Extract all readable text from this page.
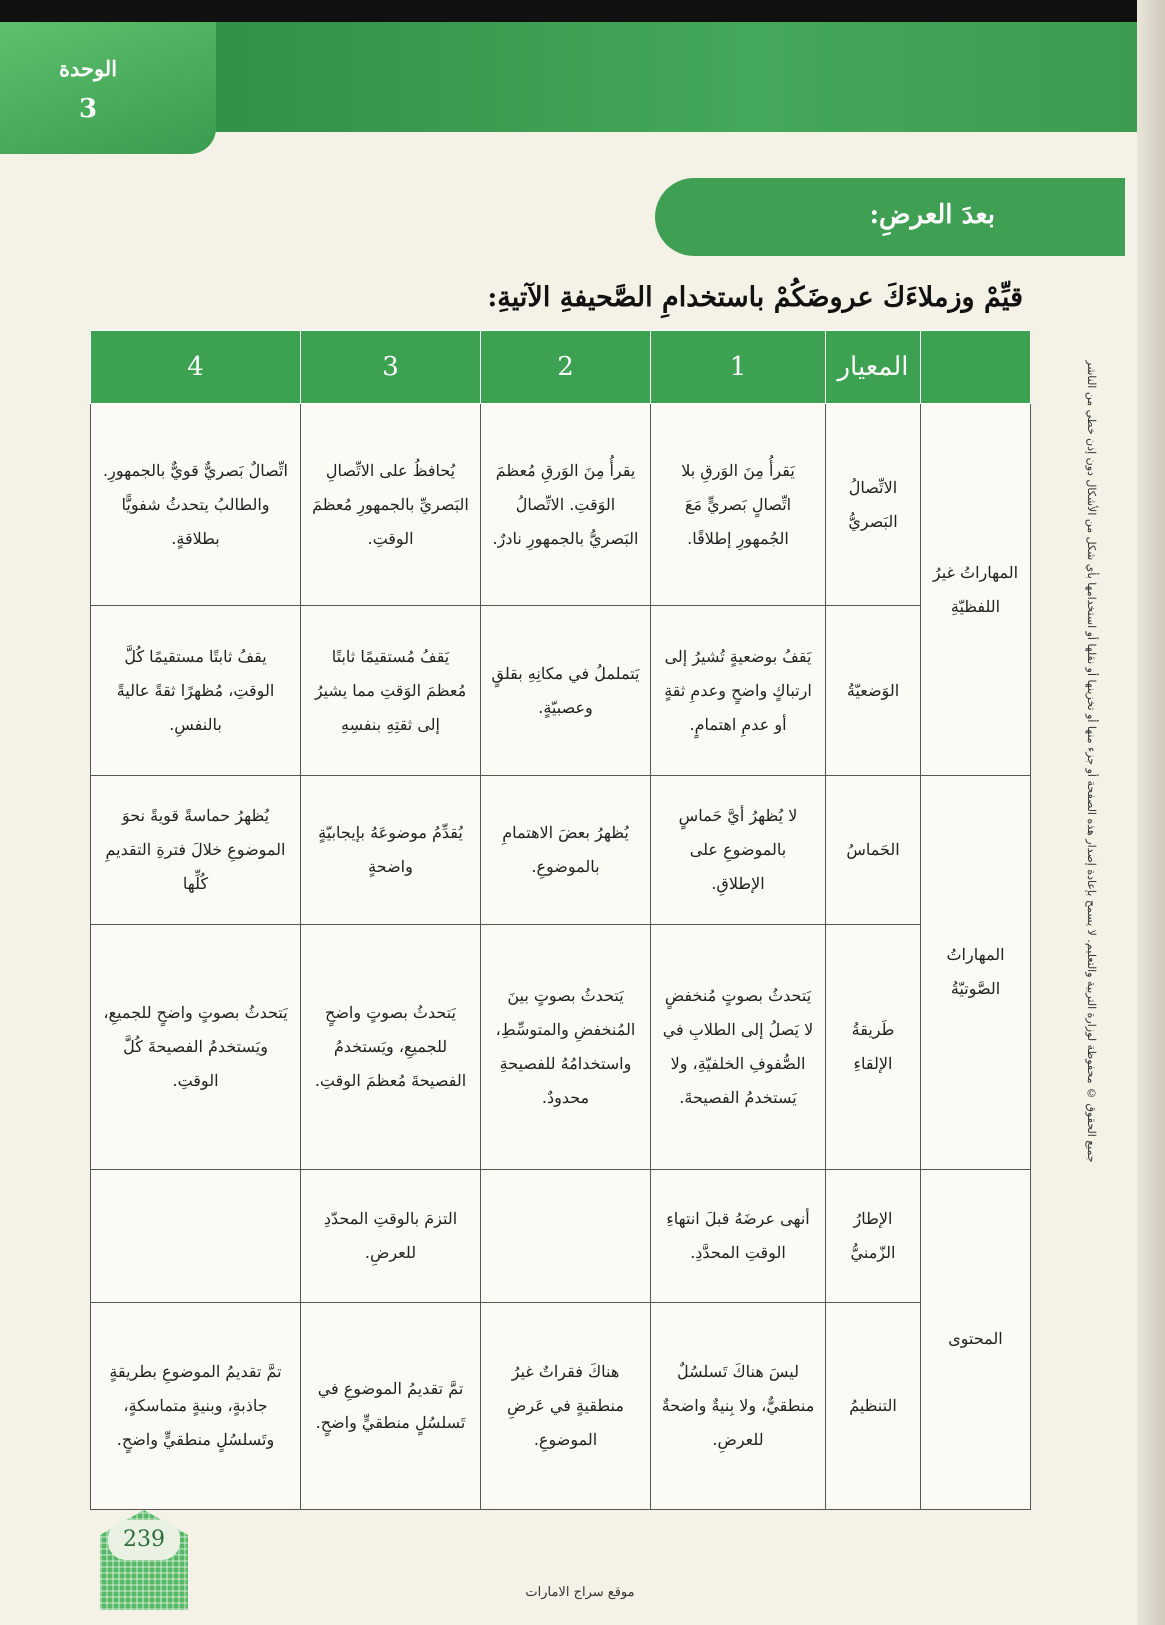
الوحدة
3
بعدَ العرضِ:
قيِّمْ وزملاءَكَ عروضَكُمْ باستخدامِ الصَّحيفةِ الآتيةِ:
جميع الحقوق © محفوظة لوزارة التربية والتعليم. لا يسمح بإعادة إصدار هذه الصفحة أو جزء منها أو تخزينها أو نقلها أو استخدامها بأي شكل من الأشكال دون إذن خطي من الناشر
	المعيار	1	2	3	4
المهاراتُ غيرُ اللفظيّةِ	الاتِّصالُ البَصريُّ	يَقرأُ مِنَ الوَرقِ بلا اتِّصالٍ بَصريٍّ مَعَ الجُمهورِ إطلاقًا.	يقرأُ مِنَ الوَرقِ مُعظمَ الوَقتِ. الاتِّصالُ البَصريُّ بالجمهورِ نادرٌ.	يُحافظُ على الاتِّصالِ البَصريِّ بالجمهورِ مُعظمَ الوقتِ.	اتِّصالٌ بَصريٌّ قويٌّ بالجمهورِ. والطالبُ يتحدثُ شفويًّا بطلاقةٍ.
	الوَضعيّةُ	يَقفُ بوضعيةٍ تُشيرُ إلى ارتباكٍ واضحٍ وعدمِ ثقةٍ أو عدمِ اهتمامٍ.	يَتململُ في مكانِهِ بقلقٍ وعصبيّةٍ.	يَقفُ مُستقيمًا ثابتًا مُعظمَ الوَقتِ مما يشيرُ إلى ثقتِهِ بنفسِهِ	يقفُ ثابتًا مستقيمًا كُلَّ الوقتِ، مُظهرًا ثقةً عاليةً بالنفسِ.
المهاراتُ الصَّوتيّةُ	الحَماسُ	لا يُظهرُ أيَّ حَماسٍ بالموضوعِ على الإطلاقِ.	يُظهرُ بعضَ الاهتمامِ بالموضوعِ.	يُقدِّمُ موضوعَهُ بإيجابيّةٍ واضحةٍ	يُظهرُ حماسةً قويةً نحوَ الموضوعِ خلالَ فترةِ التقديمِ كُلِّها
	طَريقةُ الإلقاءِ	يَتحدثُ بصوتٍ مُنخفضٍ لا يَصلُ إلى الطلابِ في الصُّفوفِ الخلفيّةِ، ولا يَستخدمُ الفصيحةَ.	يَتحدثُ بصوتٍ بينَ المُنخفضِ والمتوسِّطِ، واستخدامُهُ للفصيحةِ محدودٌ.	يَتحدثُ بصوتٍ واضحٍ للجميعِ، ويَستخدمُ الفصيحةَ مُعظمَ الوقتِ.	يَتحدثُ بصوتٍ واضحٍ للجميعِ، ويَستخدمُ الفصيحةَ كُلَّ الوقتِ.
المحتوى	الإطارُ الزّمنيُّ	أنهى عرضَهُ قبلَ انتهاءِ الوقتِ المحدَّدِ.		التزمَ بالوقتِ المحدّدِ للعرضِ.	
	التنظيمُ	ليسَ هناكَ تَسلسُلٌ منطقيٌّ، ولا بِنيةٌ واضحةٌ للعرضِ.	هناكَ فقراتٌ غيرُ منطقيةٍ في عَرضِ الموضوعِ.	تمَّ تقديمُ الموضوعِ في تَسلسُلٍ منطقيٍّ واضحٍ.	تمَّ تقديمُ الموضوعِ بطريقةٍ جاذبةٍ، وبنيةٍ متماسكةٍ، وتَسلسُلٍ منطقيٍّ واضحٍ.
239
موقع سراج الامارات
